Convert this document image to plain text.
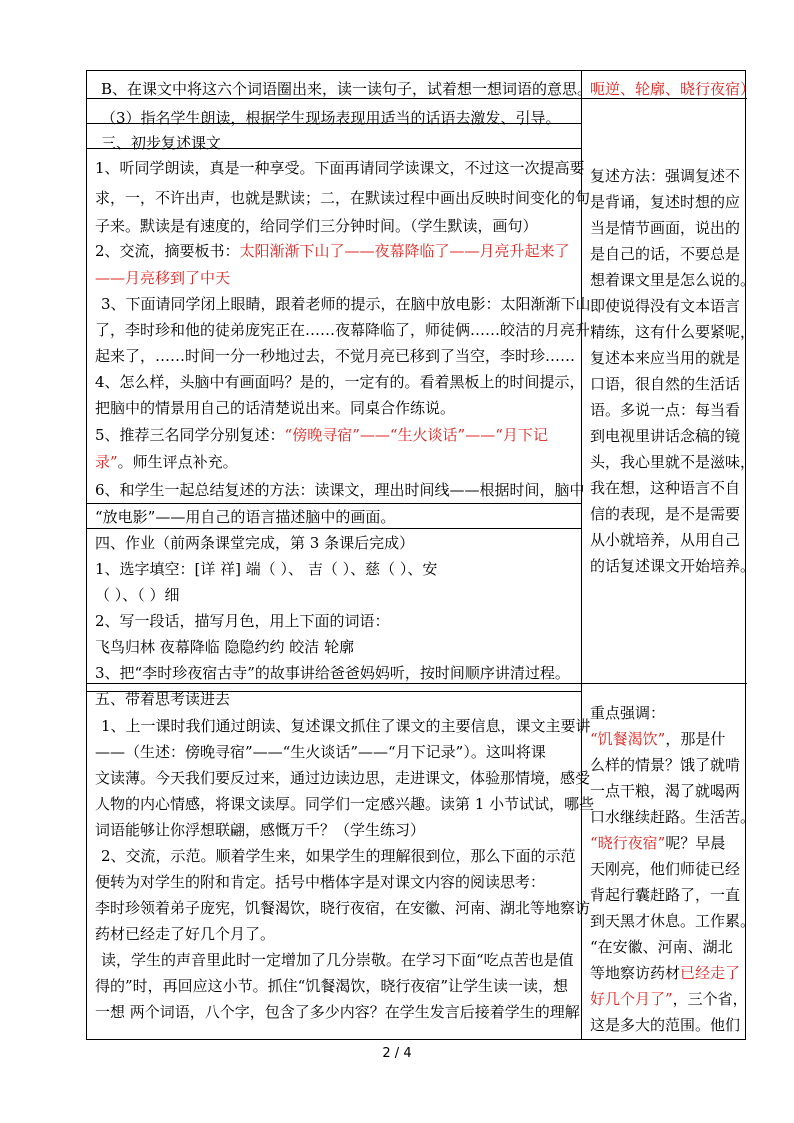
B、在课文中将这六个词语圈出来，读一读句子，试着想一想词语的意思。
（3）指名学生朗读，根据学生现场表现用适当的话语去激发、引导。
三、初步复述课文
1、听同学朗读，真是一种享受。下面再请同学读课文，不过这一次提高要
求，一，不许出声，也就是默读；二，在默读过程中画出反映时间变化的句
子来。默读是有速度的，给同学们三分钟时间。（学生默读，画句）
2、交流，摘要板书：太阳渐渐下山了——夜幕降临了——月亮升起来了
——月亮移到了中天
3、下面请同学闭上眼睛，跟着老师的提示，在脑中放电影：太阳渐渐下山
了，李时珍和他的徒弟庞宪正在……夜幕降临了，师徒俩……皎洁的月亮升
起来了，……时间一分一秒地过去，不觉月亮已移到了当空，李时珍……
4、怎么样，头脑中有画面吗？是的，一定有的。看着黑板上的时间提示，
把脑中的情景用自己的话清楚说出来。同桌合作练说。
5、推荐三名同学分别复述：“傍晚寻宿”——“生火谈话”——“月下记
录”。师生评点补充。
6、和学生一起总结复述的方法：读课文，理出时间线——根据时间，脑中
“放电影”——用自己的语言描述脑中的画面。
四、作业（前两条课堂完成，第 3 条课后完成）
1、选字填空：[详 祥] 端（ ）、 吉（ ）、慈（ ）、安
（ ）、（ ）细
2、写一段话，描写月色，用上下面的词语：
飞鸟归林 夜幕降临 隐隐约约 皎洁 轮廓
3、把“李时珍夜宿古寺”的故事讲给爸爸妈妈听，按时间顺序讲清过程。
五、带着思考读进去
1、上一课时我们通过朗读、复述课文抓住了课文的主要信息，课文主要讲
——（生述：傍晚寻宿”——“生火谈话”——“月下记录”）。这叫将课
文读薄。今天我们要反过来，通过边读边思，走进课文，体验那情境，感受
人物的内心情感，将课文读厚。同学们一定感兴趣。读第 1 小节试试，哪些
词语能够让你浮想联翩，感慨万千？（学生练习）
2、交流，示范。顺着学生来，如果学生的理解很到位，那么下面的示范
便转为对学生的附和肯定。括号中楷体字是对课文内容的阅读思考：
李时珍领着弟子庞宪，饥餐渴饮，晓行夜宿，在安徽、河南、湖北等地察访
药材已经走了好几个月了。
读，学生的声音里此时一定增加了几分崇敬。在学习下面“吃点苦也是值
得的”时，再回应这小节。抓住“饥餐渴饮，晓行夜宿”让学生读一读，想
一想 两个词语，八个字，包含了多少内容？在学生发言后接着学生的理解
呃逆、轮廓、晓行夜宿）
复述方法：强调复述不
是背诵，复述时想的应
当是情节画面，说出的
是自己的话，不要总是
想着课文里是怎么说的。
即使说得没有文本语言
精练，这有什么要紧呢，
复述本来应当用的就是
口语，很自然的生活话
语。多说一点：每当看
到电视里讲话念稿的镜
头，我心里就不是滋味，
我在想，这种语言不自
信的表现，是不是需要
从小就培养，从用自己
的话复述课文开始培养。
重点强调：
“饥餐渴饮”，那是什
么样的情景？饿了就啃
一点干粮，渴了就喝两
口水继续赶路。生活苦。
“晓行夜宿”呢？早晨
天刚亮，他们师徒已经
背起行囊赶路了，一直
到天黑才休息。工作累。
“在安徽、河南、湖北
等地察访药材已经走了
好几个月了”，三个省，
这是多大的范围。他们
2 / 4
